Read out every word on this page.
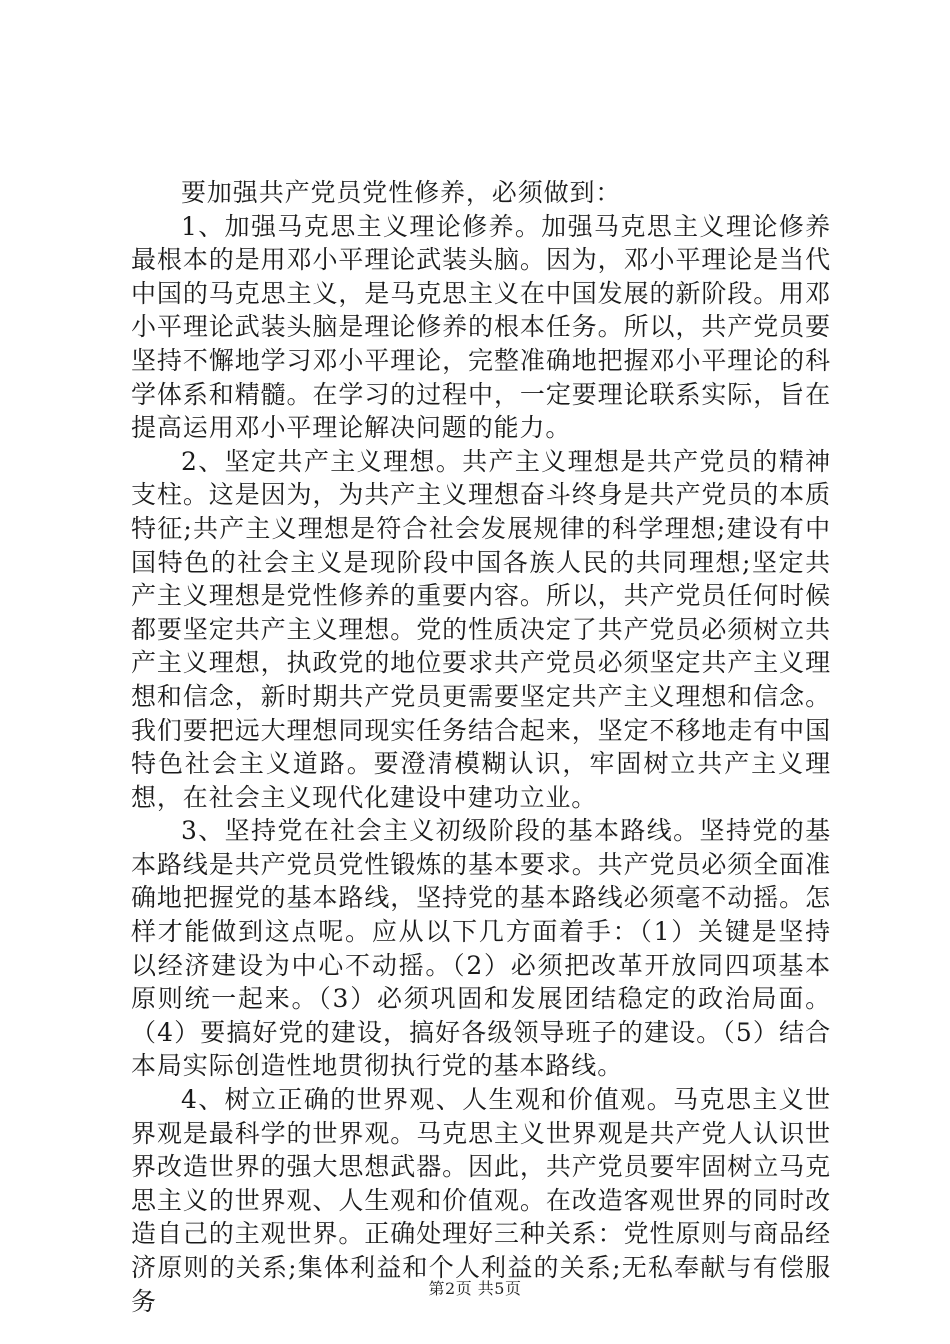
要加强共产党员党性修养，必须做到：

1、加强马克思主义理论修养。加强马克思主义理论修养最根本的是用邓小平理论武装头脑。因为，邓小平理论是当代中国的马克思主义，是马克思主义在中国发展的新阶段。用邓小平理论武装头脑是理论修养的根本任务。所以，共产党员要坚持不懈地学习邓小平理论，完整准确地把握邓小平理论的科学体系和精髓。在学习的过程中，一定要理论联系实际，旨在提高运用邓小平理论解决问题的能力。

2、坚定共产主义理想。共产主义理想是共产党员的精神支柱。这是因为，为共产主义理想奋斗终身是共产党员的本质特征;共产主义理想是符合社会发展规律的科学理想;建设有中国特色的社会主义是现阶段中国各族人民的共同理想;坚定共产主义理想是党性修养的重要内容。所以，共产党员任何时候都要坚定共产主义理想。党的性质决定了共产党员必须树立共产主义理想，执政党的地位要求共产党员必须坚定共产主义理想和信念，新时期共产党员更需要坚定共产主义理想和信念。我们要把远大理想同现实任务结合起来，坚定不移地走有中国特色社会主义道路。要澄清模糊认识，牢固树立共产主义理想，在社会主义现代化建设中建功立业。

3、坚持党在社会主义初级阶段的基本路线。坚持党的基本路线是共产党员党性锻炼的基本要求。共产党员必须全面准确地把握党的基本路线，坚持党的基本路线必须毫不动摇。怎样才能做到这点呢。应从以下几方面着手：（1）关键是坚持以经济建设为中心不动摇。（2）必须把改革开放同四项基本原则统一起来。（3）必须巩固和发展团结稳定的政治局面。（4）要搞好党的建设，搞好各级领导班子的建设。（5）结合本局实际创造性地贯彻执行党的基本路线。

4、树立正确的世界观、人生观和价值观。马克思主义世界观是最科学的世界观。马克思主义世界观是共产党人认识世界改造世界的强大思想武器。因此，共产党员要牢固树立马克思主义的世界观、人生观和价值观。在改造客观世界的同时改造自己的主观世界。正确处理好三种关系：党性原则与商品经济原则的关系;集体利益和个人利益的关系;无私奉献与有偿服务	第2页 共5页
